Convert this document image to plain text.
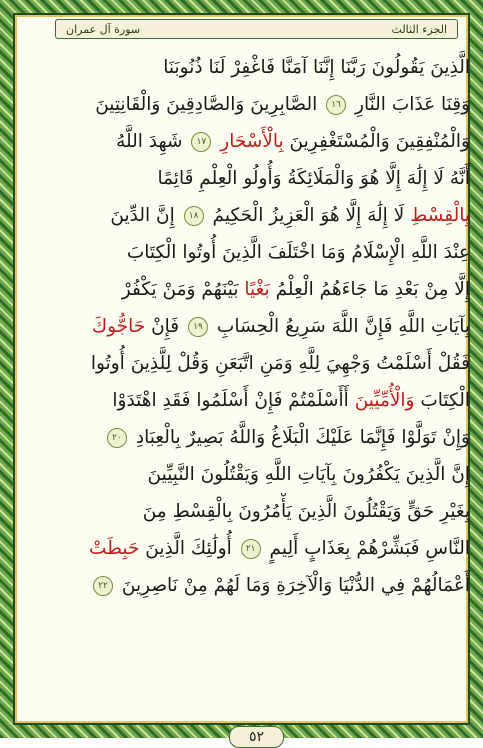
الجزء الثالث
سورة آل عمران
الَّذِينَ يَقُولُونَ رَبَّنَا إِنَّنَا آمَنَّا فَاغْفِرْ لَنَا ذُنُوبَنَا
وَقِنَا عَذَابَ النَّارِ ١٦ الصَّابِرِينَ وَالصَّادِقِينَ وَالْقَانِتِينَ
وَالْمُنْفِقِينَ وَالْمُسْتَغْفِرِينَ بِالْأَسْحَارِ ١٧ شَهِدَ اللَّهُ
أَنَّهُ لَا إِلَٰهَ إِلَّا هُوَ وَالْمَلَائِكَةُ وَأُولُو الْعِلْمِ قَائِمًا
بِالْقِسْطِ لَا إِلَٰهَ إِلَّا هُوَ الْعَزِيزُ الْحَكِيمُ ١٨ إِنَّ الدِّينَ
عِنْدَ اللَّهِ الْإِسْلَامُ وَمَا اخْتَلَفَ الَّذِينَ أُوتُوا الْكِتَابَ
إِلَّا مِنْ بَعْدِ مَا جَاءَهُمُ الْعِلْمُ بَغْيًا بَيْنَهُمْ وَمَنْ يَكْفُرْ
بِآيَاتِ اللَّهِ فَإِنَّ اللَّهَ سَرِيعُ الْحِسَابِ ١٩ فَإِنْ حَاجُّوكَ
فَقُلْ أَسْلَمْتُ وَجْهِيَ لِلَّهِ وَمَنِ اتَّبَعَنِ وَقُلْ لِلَّذِينَ أُوتُوا
الْكِتَابَ وَالْأُمِّيِّينَ أَأَسْلَمْتُمْ فَإِنْ أَسْلَمُوا فَقَدِ اهْتَدَوْا
وَإِنْ تَوَلَّوْا فَإِنَّمَا عَلَيْكَ الْبَلَاغُ وَاللَّهُ بَصِيرٌ بِالْعِبَادِ ٢٠
إِنَّ الَّذِينَ يَكْفُرُونَ بِآيَاتِ اللَّهِ وَيَقْتُلُونَ النَّبِيِّينَ
بِغَيْرِ حَقٍّ وَيَقْتُلُونَ الَّذِينَ يَأْمُرُونَ بِالْقِسْطِ مِنَ
النَّاسِ فَبَشِّرْهُمْ بِعَذَابٍ أَلِيمٍ ٢١ أُولَٰئِكَ الَّذِينَ حَبِطَتْ
أَعْمَالُهُمْ فِي الدُّنْيَا وَالْآخِرَةِ وَمَا لَهُمْ مِنْ نَاصِرِينَ ٢٢
٥٢
